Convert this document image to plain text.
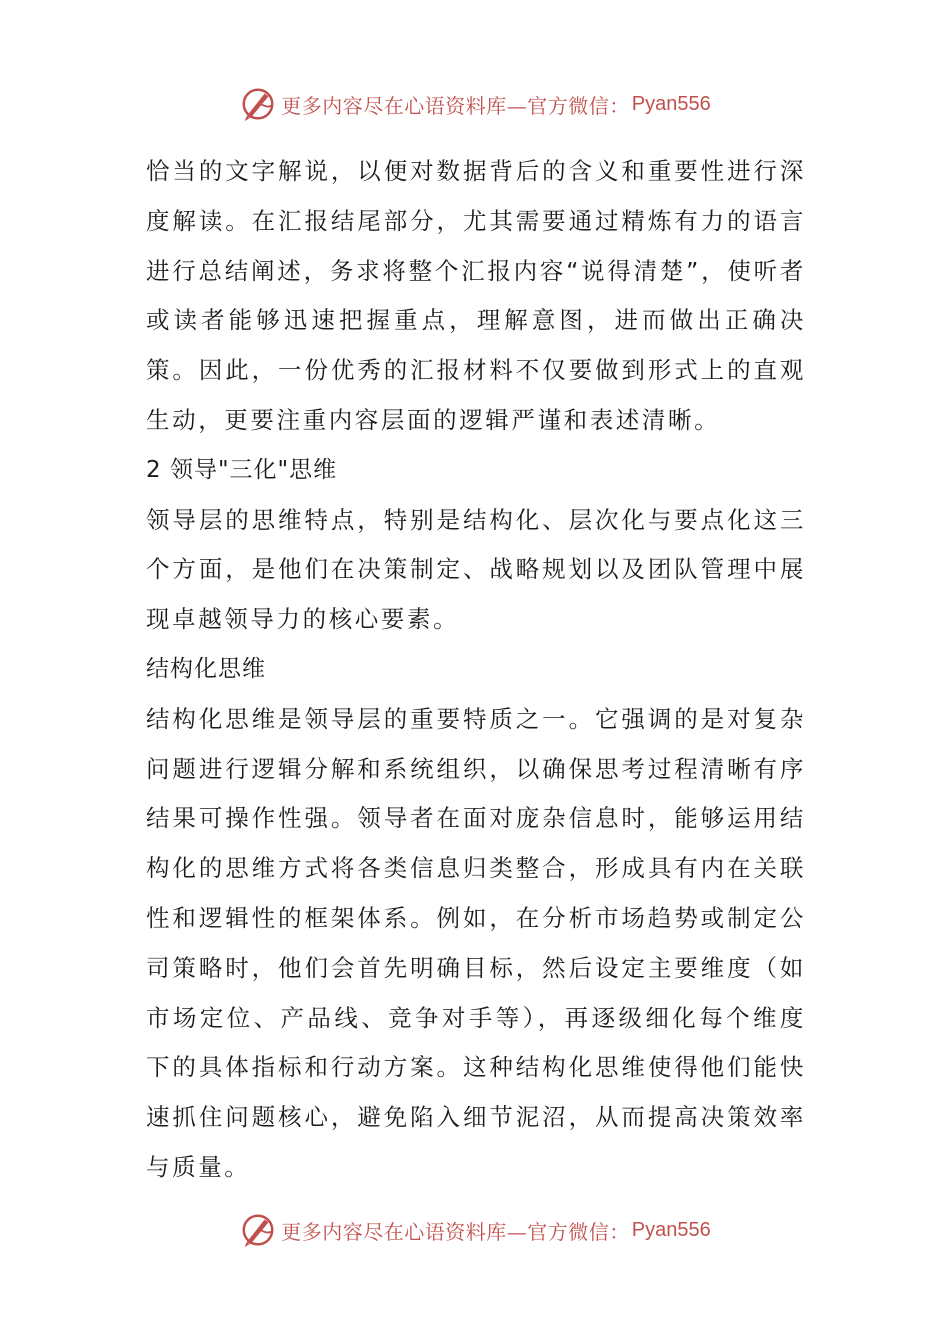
更多内容尽在心语资料库—官方微信： Pyan556

恰当的文字解说，以便对数据背后的含义和重要性进行深度解读。在汇报结尾部分，尤其需要通过精炼有力的语言进行总结阐述，务求将整个汇报内容“说得清楚”，使听者或读者能够迅速把握重点，理解意图，进而做出正确决策。因此，一份优秀的汇报材料不仅要做到形式上的直观生动，更要注重内容层面的逻辑严谨和表述清晰。

2 领导"三化"思维

领导层的思维特点，特别是结构化、层次化与要点化这三个方面，是他们在决策制定、战略规划以及团队管理中展现卓越领导力的核心要素。

结构化思维

结构化思维是领导层的重要特质之一。它强调的是对复杂问题进行逻辑分解和系统组织，以确保思考过程清晰有序结果可操作性强。领导者在面对庞杂信息时，能够运用结构化的思维方式将各类信息归类整合，形成具有内在关联性和逻辑性的框架体系。例如，在分析市场趋势或制定公司策略时，他们会首先明确目标，然后设定主要维度（如市场定位、产品线、竞争对手等），再逐级细化每个维度下的具体指标和行动方案。这种结构化思维使得他们能快速抓住问题核心，避免陷入细节泥沼，从而提高决策效率与质量。

更多内容尽在心语资料库—官方微信： Pyan556
